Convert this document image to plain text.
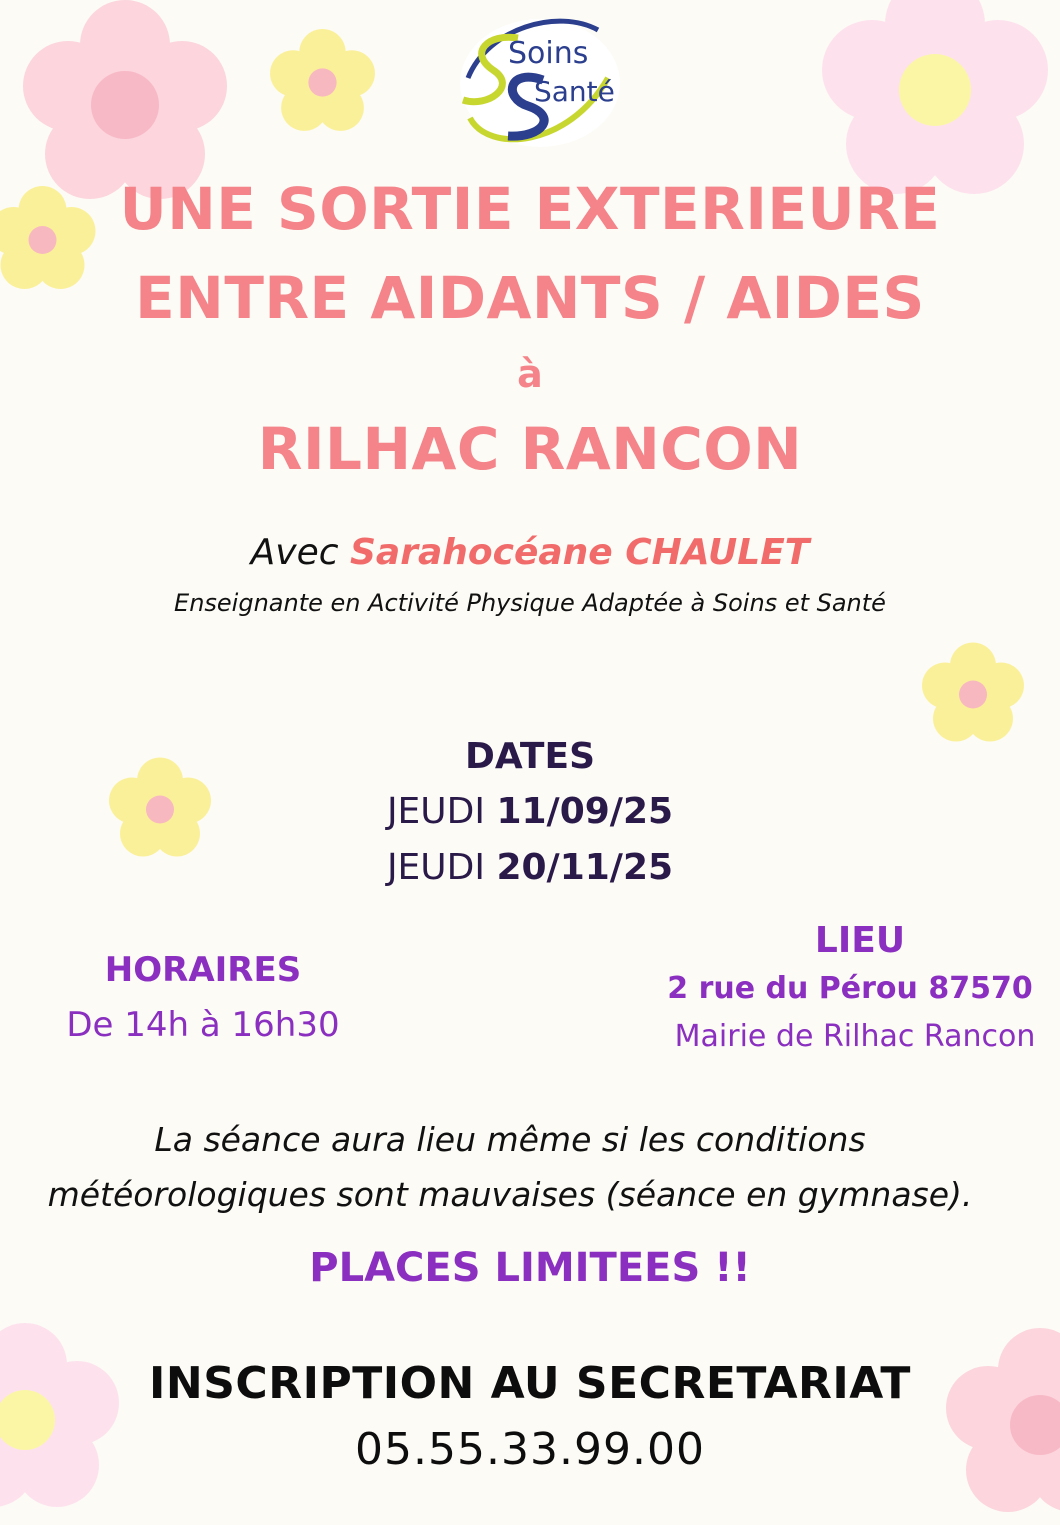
Soins
Santé
UNE SORTIE EXTERIEURE
ENTRE AIDANTS / AIDES
à
RILHAC RANCON
Avec Sarahocéane CHAULET
Enseignante en Activité Physique Adaptée à Soins et Santé
DATES
JEUDI 11/09/25
JEUDI 20/11/25
HORAIRES
De 14h à 16h30
LIEU
2 rue du Pérou 87570
Mairie de Rilhac Rancon
La séance aura lieu même si les conditions
météorologiques sont mauvaises (séance en gymnase).
PLACES LIMITEES !!
INSCRIPTION AU SECRETARIAT
05.55.33.99.00
